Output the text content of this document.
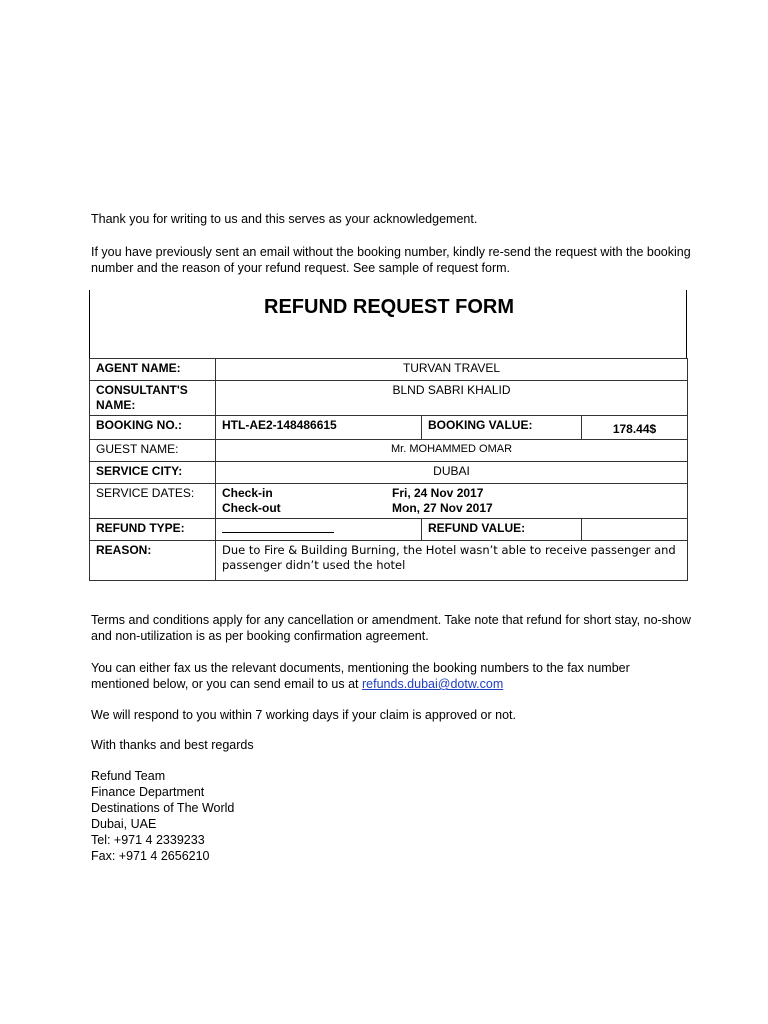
Thank you for writing to us and this serves as your acknowledgement.

If you have previously sent an email without the booking number, kindly re-send the request with the booking number and the reason of your refund request. See sample of request form.

REFUND REQUEST FORM
AGENT NAME:	TURVAN TRAVEL		
CONSULTANT'S NAME:	BLND SABRI KHALID		
BOOKING NO.:	HTL-AE2-148486615	BOOKING VALUE:	178.44$
GUEST NAME:	Mr. MOHAMMED OMAR		
SERVICE CITY:	DUBAI		
SERVICE DATES:	Check-in Fri, 24 Nov 2017
Check-out Mon, 27 Nov 2017		

REFUND TYPE:		REFUND VALUE:	
REASON:	Due to Fire & Building Burning, the Hotel wasn’t able to receive passenger and passenger didn’t used the hotel		

Terms and conditions apply for any cancellation or amendment. Take note that refund for short stay, no-show and non-utilization is as per booking confirmation agreement.

You can either fax us the relevant documents, mentioning the booking numbers to the fax number mentioned below, or you can send email to us at refunds.dubai@dotw.com

We will respond to you within 7 working days if your claim is approved or not.

With thanks and best regards

Refund Team
Finance Department
Destinations of The World
Dubai, UAE
Tel: +971 4 2339233
Fax: +971 4 2656210
